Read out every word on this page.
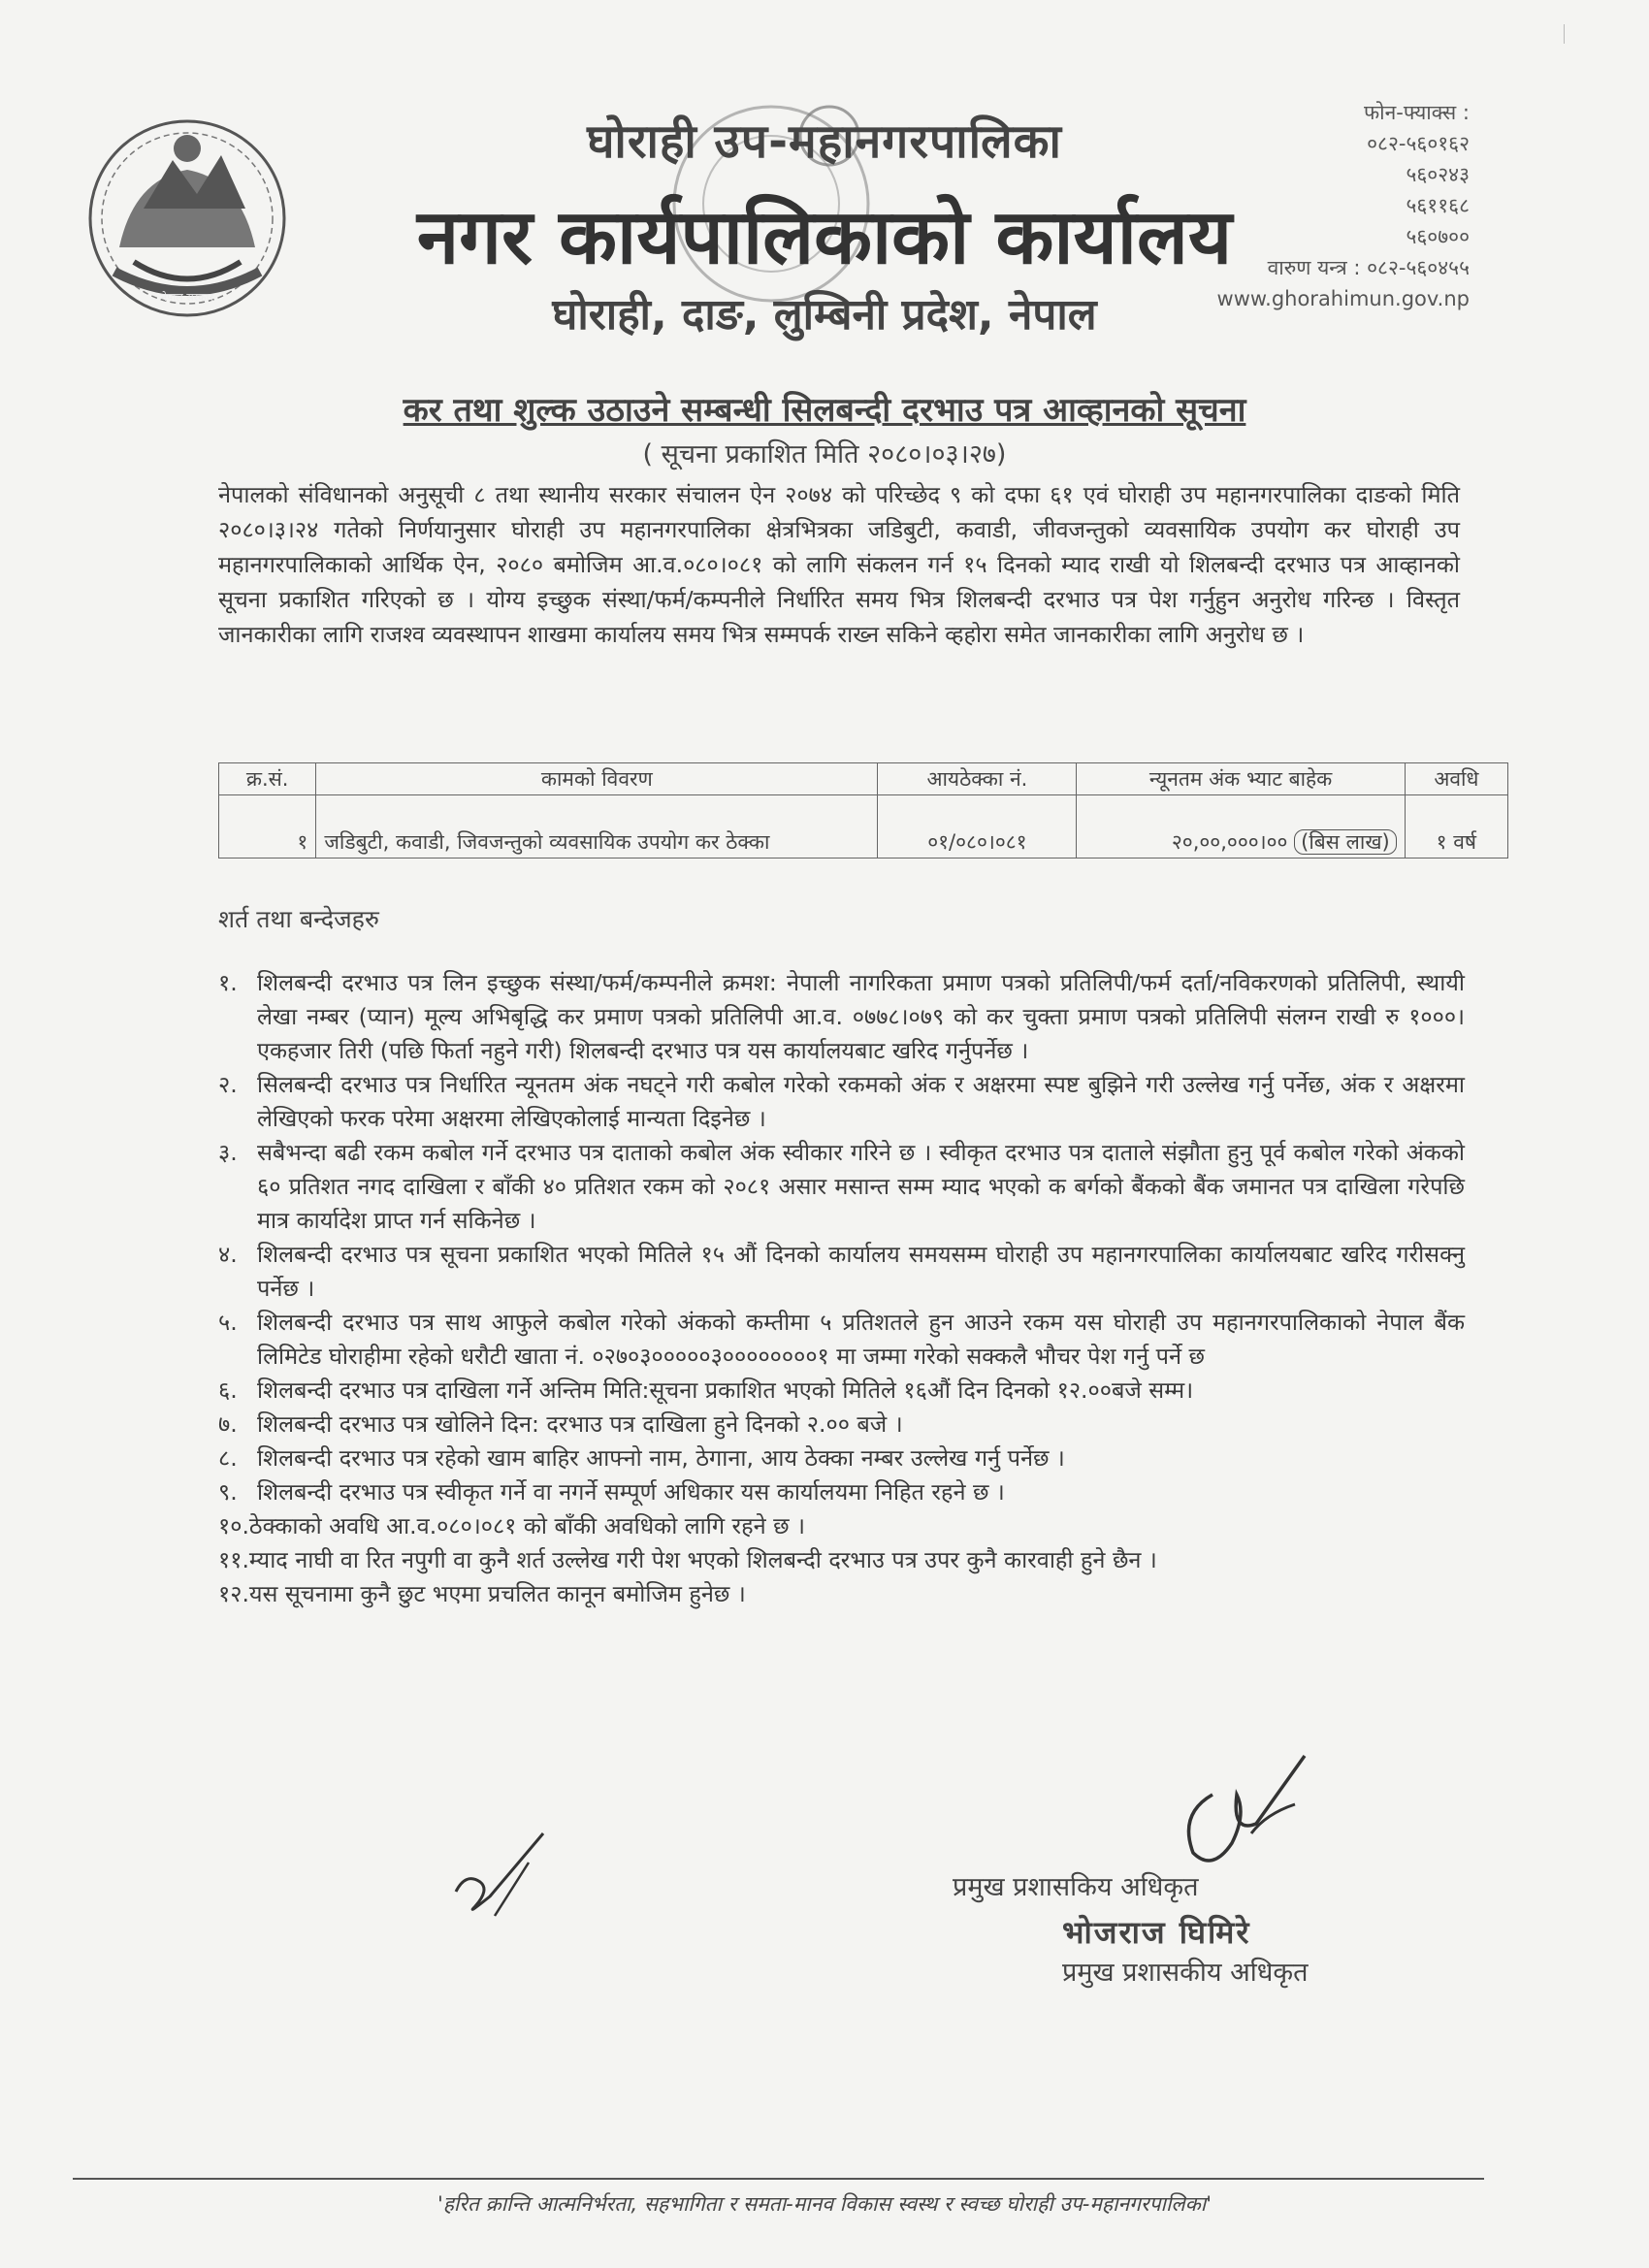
नेपाल सरकार
घोराही उप-महानगरपालिका
नगर कार्यपालिकाको कार्यालय
घोराही, दाङ, लुम्बिनी प्रदेश, नेपाल
फोन-फ्याक्स :
०८२-५६०१६२
५६०२४३
५६११६८
५६०७००
वारुण यन्त्र : ०८२-५६०४५५
www.ghorahimun.gov.np
कर तथा शुल्क उठाउने सम्बन्धी सिलबन्दी दरभाउ पत्र आव्हानको सूचना
( सूचना प्रकाशित मिति २०८०।०३।२७)
नेपालको संविधानको अनुसूची ८ तथा स्थानीय सरकार संचालन ऐन २०७४ को परिच्छेद ९ को दफा ६१ एवं घोराही उप महानगरपालिका दाङको मिति २०८०।३।२४ गतेको निर्णयानुसार घोराही उप महानगरपालिका क्षेत्रभित्रका जडिबुटी, कवाडी, जीवजन्तुको व्यवसायिक उपयोग कर घोराही उप महानगरपालिकाको आर्थिक ऐन, २०८० बमोजिम आ.व.०८०।०८१ को लागि संकलन गर्न १५ दिनको म्याद राखी यो शिलबन्दी दरभाउ पत्र आव्हानको सूचना प्रकाशित गरिएको छ । योग्य इच्छुक संस्था/फर्म/कम्पनीले निर्धारित समय भित्र शिलबन्दी दरभाउ पत्र पेश गर्नुहुन अनुरोध गरिन्छ । विस्तृत जानकारीका लागि राजश्व व्यवस्थापन शाखमा कार्यालय समय भित्र सम्मपर्क राख्न सकिने व्हहोरा समेत जानकारीका लागि अनुरोध छ ।
क्र.सं.	कामको विवरण	आयठेक्का नं.	न्यूनतम अंक भ्याट बाहेक	अवधि
१	जडिबुटी, कवाडी, जिवजन्तुको व्यवसायिक उपयोग कर ठेक्का	०१/०८०।०८१	२०,००,०००।०० (बिस लाख)	१ वर्ष
शर्त तथा बन्देजहरु
१. शिलबन्दी दरभाउ पत्र लिन इच्छुक संस्था/फर्म/कम्पनीले क्रमश: नेपाली नागरिकता प्रमाण पत्रको प्रतिलिपी/फर्म दर्ता/नविकरणको प्रतिलिपी, स्थायी लेखा नम्बर (प्यान) मूल्य अभिबृद्धि कर प्रमाण पत्रको प्रतिलिपी आ.व. ०७७८।०७९ को कर चुक्ता प्रमाण पत्रको प्रतिलिपी संलग्न राखी रु १०००। एकहजार तिरी (पछि फिर्ता नहुने गरी) शिलबन्दी दरभाउ पत्र यस कार्यालयबाट खरिद गर्नुपर्नेछ ।
२. सिलबन्दी दरभाउ पत्र निर्धारित न्यूनतम अंक नघट्ने गरी कबोल गरेको रकमको अंक र अक्षरमा स्पष्ट बुझिने गरी उल्लेख गर्नु पर्नेछ, अंक र अक्षरमा लेखिएको फरक परेमा अक्षरमा लेखिएकोलाई मान्यता दिइनेछ ।
३. सबैभन्दा बढी रकम कबोल गर्ने दरभाउ पत्र दाताको कबोल अंक स्वीकार गरिने छ । स्वीकृत दरभाउ पत्र दाताले संझौता हुनु पूर्व कबोल गरेको अंकको ६० प्रतिशत नगद दाखिला र बाँकी ४० प्रतिशत रकम को २०८१ असार मसान्त सम्म म्याद भएको क बर्गको बैंकको बैंक जमानत पत्र दाखिला गरेपछि मात्र कार्यादेश प्राप्त गर्न सकिनेछ ।
४. शिलबन्दी दरभाउ पत्र सूचना प्रकाशित भएको मितिले १५ औं दिनको कार्यालय समयसम्म घोराही उप महानगरपालिका कार्यालयबाट खरिद गरीसक्नु पर्नेछ ।
५. शिलबन्दी दरभाउ पत्र साथ आफुले कबोल गरेको अंकको कम्तीमा ५ प्रतिशतले हुन आउने रकम यस घोराही उप महानगरपालिकाको नेपाल बैंक लिमिटेड घोराहीमा रहेको धरौटी खाता नं. ०२७०३०००००३००००००००१ मा जम्मा गरेको सक्कलै भौचर पेश गर्नु पर्ने छ
६. शिलबन्दी दरभाउ पत्र दाखिला गर्ने अन्तिम मिति:सूचना प्रकाशित भएको मितिले १६औं दिन दिनको १२.००बजे सम्म।
७. शिलबन्दी दरभाउ पत्र खोलिने दिन: दरभाउ पत्र दाखिला हुने दिनको २.०० बजे ।
८. शिलबन्दी दरभाउ पत्र रहेको खाम बाहिर आफ्नो नाम, ठेगाना, आय ठेक्का नम्बर उल्लेख गर्नु पर्नेछ ।
९. शिलबन्दी दरभाउ पत्र स्वीकृत गर्ने वा नगर्ने सम्पूर्ण अधिकार यस कार्यालयमा निहित रहने छ ।
१०.ठेक्काको अवधि आ.व.०८०।०८१ को बाँकी अवधिको लागि रहने छ ।
११.म्याद नाघी वा रित नपुगी वा कुनै शर्त उल्लेख गरी पेश भएको शिलबन्दी दरभाउ पत्र उपर कुनै कारवाही हुने छैन ।
१२.यस सूचनामा कुनै छुट भएमा प्रचलित कानून बमोजिम हुनेछ ।
प्रमुख प्रशासकिय अधिकृत
भोजराज घिमिरे
प्रमुख प्रशासकीय अधिकृत
'हरित क्रान्ति आत्मनिर्भरता, सहभागिता र समता-मानव विकास स्वस्थ र स्वच्छ घोराही उप-महानगरपालिका'
